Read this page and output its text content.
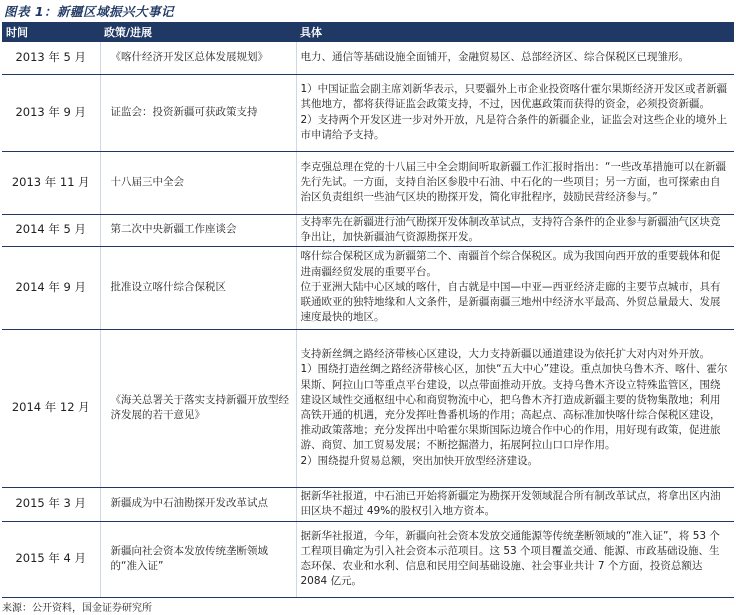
图表 1：新疆区域振兴大事记
时间	政策/进展	具体
2013 年 5 月	《喀什经济开发区总体发展规划》	电力、通信等基础设施全面铺开，金融贸易区、总部经济区、综合保税区已现雏形。

2013 年 9 月	证监会：投资新疆可获政策支持	1）中国证监会副主席刘新华表示，只要疆外上市企业投资喀什霍尔果斯经济开发区或者新疆其他地方，都将获得证监会政策支持，不过，因优惠政策而获得的资金，必须投资新疆。
2）支持两个开发区进一步对外开放，凡是符合条件的新疆企业，证监会对这些企业的境外上市申请给予支持。

2013 年 11 月	十八届三中全会	李克强总理在党的十八届三中全会期间听取新疆工作汇报时指出：“一些改革措施可以在新疆先行先试。一方面，支持自治区参股中石油、中石化的一些项目；另一方面，也可探索由自治区负责组织一些油气区块的勘探开发，简化审批程序，鼓励民营经济参与。”

2014 年 5 月	第二次中央新疆工作座谈会	支持率先在新疆进行油气勘探开发体制改革试点，支持符合条件的企业参与新疆油气区块竞争出让，加快新疆油气资源勘探开发。

2014 年 9 月	批准设立喀什综合保税区	喀什综合保税区成为新疆第二个、南疆首个综合保税区。成为我国向西开放的重要载体和促进南疆经贸发展的重要平台。
位于亚洲大陆中心区域的喀什，自古就是中国—中亚—西亚经济走廊的主要节点城市，具有联通欧亚的独特地缘和人文条件，是新疆南疆三地州中经济水平最高、外贸总量最大、发展速度最快的地区。

2014 年 12 月	《海关总署关于落实支持新疆开放型经济发展的若干意见》	支持新丝绸之路经济带核心区建设，大力支持新疆以通道建设为依托扩大对内对外开放。
1）围绕打造丝绸之路经济带核心区，加快“五大中心”建设。重点加快乌鲁木齐、喀什、霍尔果斯、阿拉山口等重点平台建设，以点带面推动开放。支持乌鲁木齐设立特殊监管区，围绕建设区域性交通枢纽中心和商贸物流中心，把乌鲁木齐打造成新疆主要的货物集散地；利用高铁开通的机遇，充分发挥吐鲁番机场的作用；高起点、高标准加快喀什综合保税区建设，推动政策落地；充分发挥出中哈霍尔果斯国际边境合作中心的作用，用好现有政策，促进旅游、商贸、加工贸易发展；不断挖掘潜力，拓展阿拉山口口岸作用。
2）围绕提升贸易总额，突出加快开放型经济建设。

2015 年 3 月	新疆成为中石油勘探开发改革试点	据新华社报道，中石油已开始将新疆定为勘探开发领域混合所有制改革试点，将拿出区内油田区块不超过 49%的股权引入地方资本。

2015 年 4 月	新疆向社会资本发放传统垄断领域的“准入证”	据新华社报道，今年，新疆向社会资本发放交通能源等传统垄断领域的“准入证”，将 53 个工程项目确定为引入社会资本示范项目。这 53 个项目覆盖交通、能源、市政基础设施、生态环保、农业和水利、信息和民用空间基础设施、社会事业共计 7 个方面，投资总额达 2084 亿元。
来源：公开资料，国金证券研究所
